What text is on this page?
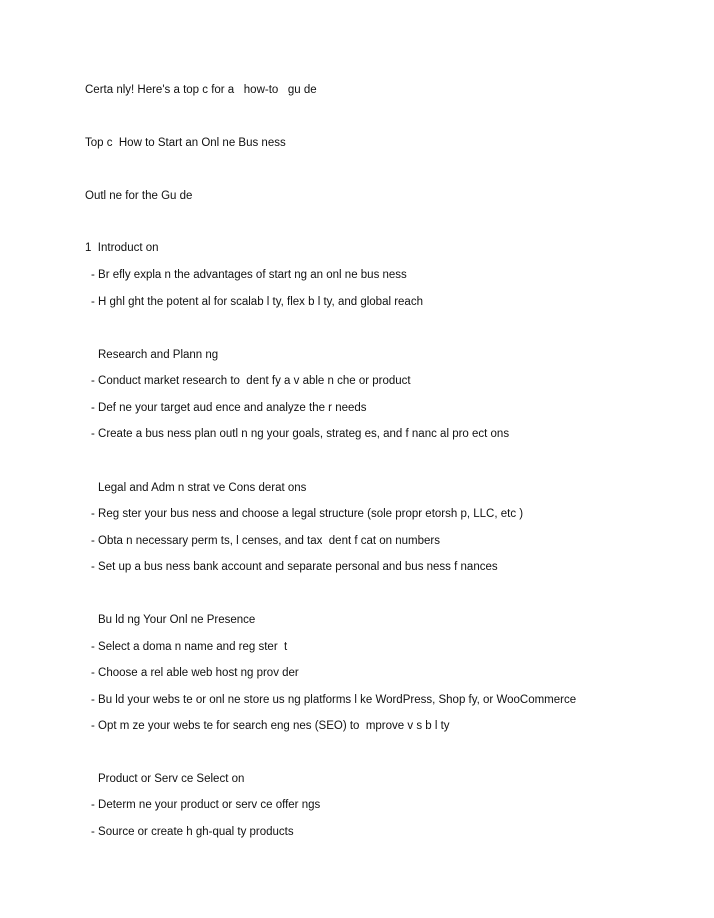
Certa nly! Here's a top c for a   how-to   gu de
Top c  How to Start an Onl ne Bus ness
Outl ne for the Gu de
1  Introduct on
- Br efly expla n the advantages of start ng an onl ne bus ness
- H ghl ght the potent al for scalab l ty, flex b l ty, and global reach
Research and Plann ng
- Conduct market research to  dent fy a v able n che or product
- Def ne your target aud ence and analyze the r needs
- Create a bus ness plan outl n ng your goals, strateg es, and f nanc al pro ect ons
Legal and Adm n strat ve Cons derat ons
- Reg ster your bus ness and choose a legal structure (sole propr etorsh p, LLC, etc )
- Obta n necessary perm ts, l censes, and tax  dent f cat on numbers
- Set up a bus ness bank account and separate personal and bus ness f nances
Bu ld ng Your Onl ne Presence
- Select a doma n name and reg ster  t
- Choose a rel able web host ng prov der
- Bu ld your webs te or onl ne store us ng platforms l ke WordPress, Shop fy, or WooCommerce
- Opt m ze your webs te for search eng nes (SEO) to  mprove v s b l ty
Product or Serv ce Select on
- Determ ne your product or serv ce offer ngs
- Source or create h gh-qual ty products
